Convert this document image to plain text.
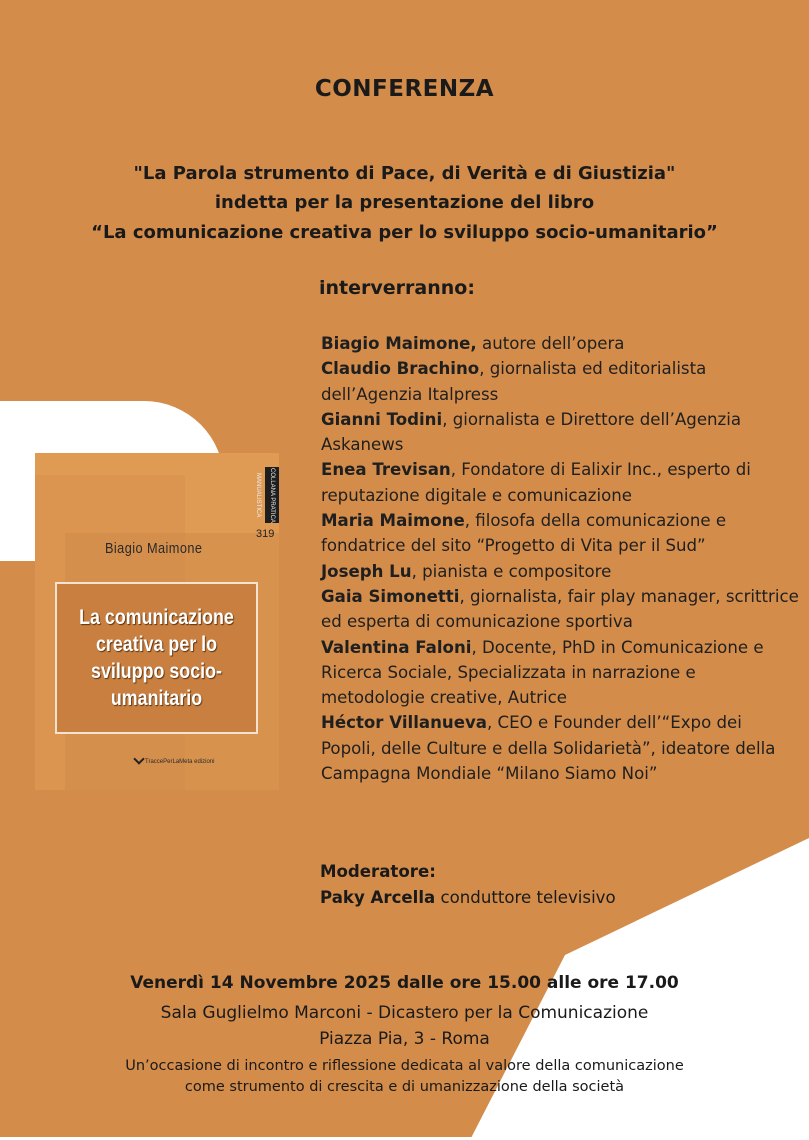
CONFERENZA
"La Parola strumento di Pace, di Verità e di Giustizia"
indetta per la presentazione del libro
“La comunicazione creativa per lo sviluppo socio-umanitario”
interverranno:

Biagio Maimone, autore dell’opera

Claudio Brachino, giornalista ed editorialista dell’Agenzia Italpress

Gianni Todini, giornalista e Direttore dell’Agenzia Askanews

Enea Trevisan, Fondatore di Ealixir Inc., esperto di reputazione digitale e comunicazione

Maria Maimone, filosofa della comunicazione e fondatrice del sito “Progetto di Vita per il Sud”

Joseph Lu, pianista e compositore

Gaia Simonetti, giornalista, fair play manager, scrittrice ed esperta di comunicazione sportiva

Valentina Faloni, Docente, PhD in Comunicazione e Ricerca Sociale, Specializzata in narrazione e metodologie creative, Autrice

Héctor Villanueva, CEO e Founder dell’“Expo dei Popoli, delle Culture e della Solidarietà”, ideatore della Campagna Mondiale “Milano Siamo Noi”

Moderatore:
Paky Arcella conduttore televisivo
Venerdì 14 Novembre 2025 dalle ore 15.00 alle ore 17.00
Sala Guglielmo Marconi - Dicastero per la Comunicazione
Piazza Pia, 3 - Roma
Un’occasione di incontro e riflessione dedicata al valore della comunicazione
come strumento di crescita e di umanizzazione della società
COLLANA PRATICA MANUALISTICA
319
Biagio Maimone
La comunicazione creativa per lo sviluppo socio-umanitario
TraccePerLaMeta edizioni
